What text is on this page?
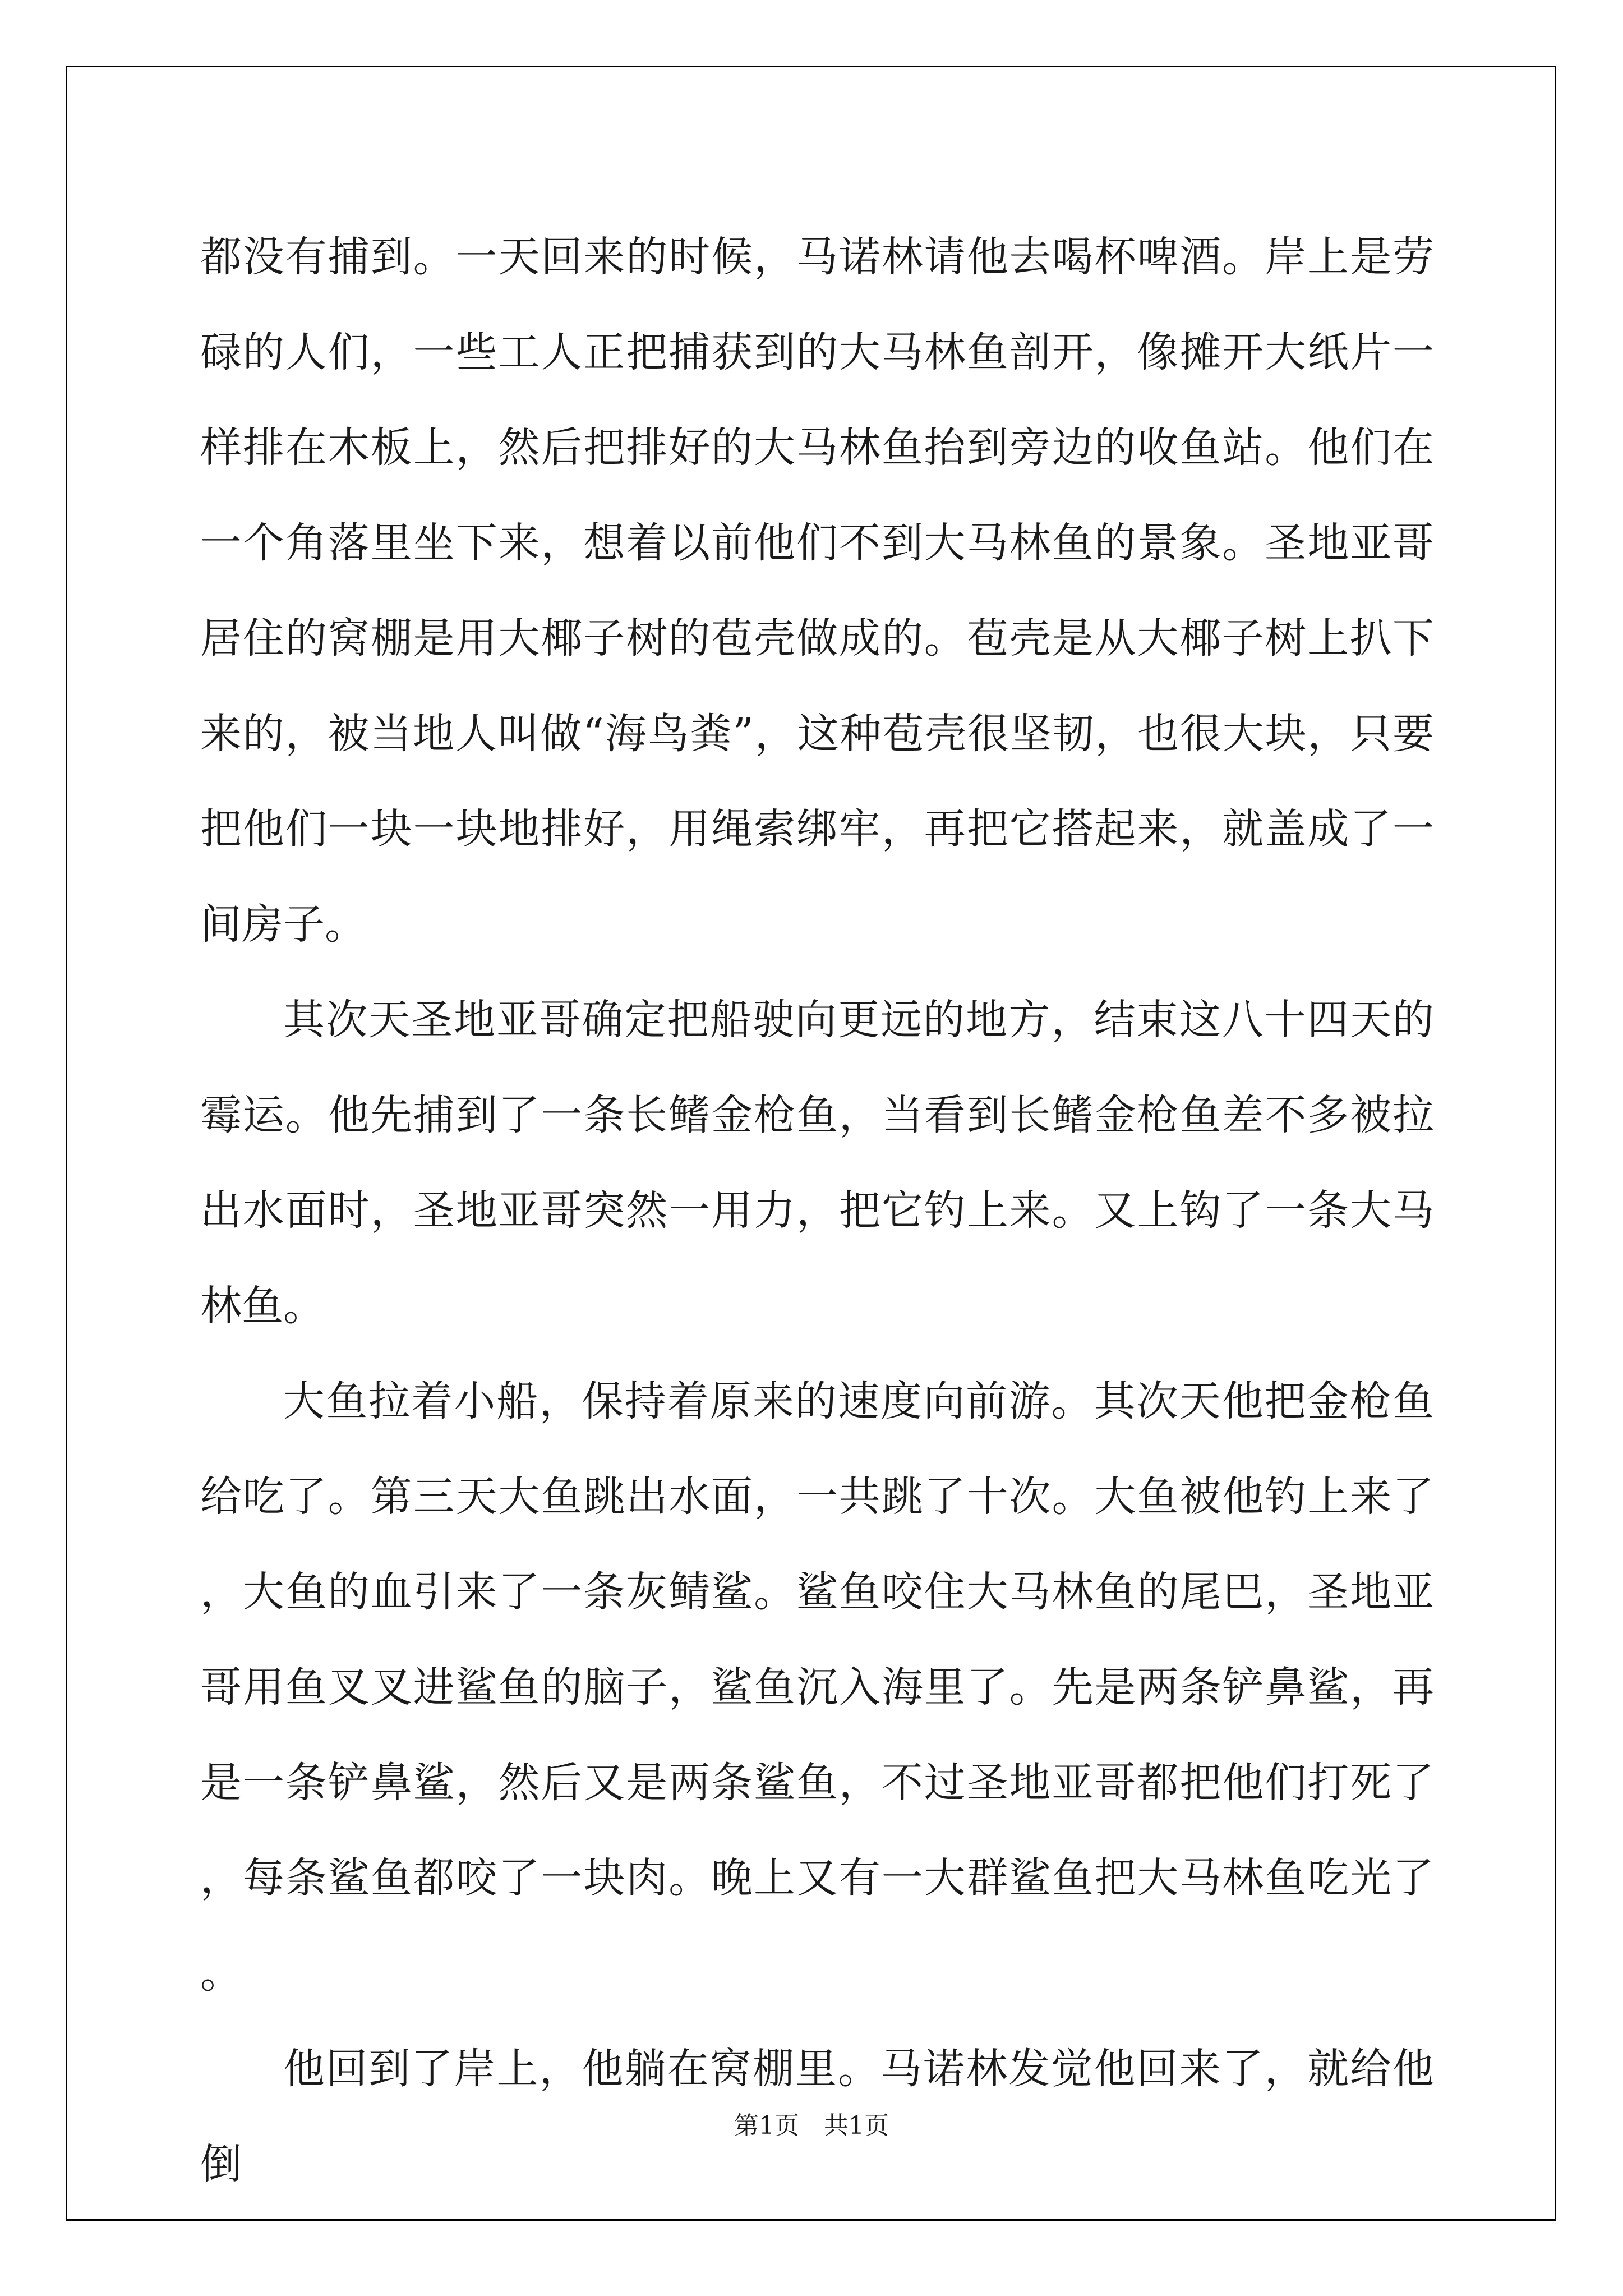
都没有捕到。一天回来的时候，马诺林请他去喝杯啤酒。岸上是劳碌的人们，一些工人正把捕获到的大马林鱼剖开，像摊开大纸片一样排在木板上，然后把排好的大马林鱼抬到旁边的收鱼站。他们在一个角落里坐下来，想着以前他们不到大马林鱼的景象。圣地亚哥居住的窝棚是用大椰子树的苞壳做成的。苞壳是从大椰子树上扒下来的，被当地人叫做“海鸟粪”，这种苞壳很坚韧，也很大块，只要把他们一块一块地排好，用绳索绑牢，再把它搭起来，就盖成了一间房子。

其次天圣地亚哥确定把船驶向更远的地方，结束这八十四天的霉运。他先捕到了一条长鳍金枪鱼，当看到长鳍金枪鱼差不多被拉出水面时，圣地亚哥突然一用力，把它钓上来。又上钩了一条大马林鱼。

大鱼拉着小船，保持着原来的速度向前游。其次天他把金枪鱼给吃了。第三天大鱼跳出水面，一共跳了十次。大鱼被他钓上来了，大鱼的血引来了一条灰鲭鲨。鲨鱼咬住大马林鱼的尾巴，圣地亚哥用鱼叉叉进鲨鱼的脑子，鲨鱼沉入海里了。先是两条铲鼻鲨，再是一条铲鼻鲨，然后又是两条鲨鱼，不过圣地亚哥都把他们打死了，每条鲨鱼都咬了一块肉。晚上又有一大群鲨鱼把大马林鱼吃光了。

他回到了岸上，他躺在窝棚里。马诺林发觉他回来了，就给他倒

第1页　共1页
